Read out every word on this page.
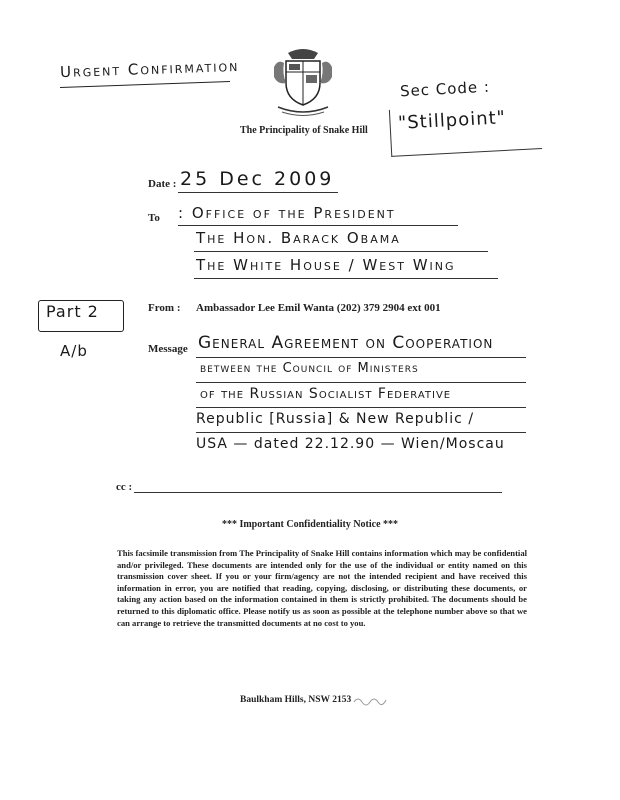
Urgent Confirmation
The Principality of Snake Hill
Sec Code :
"Stillpoint"
Date : 25 Dec 2009
To : Office of the President
The Hon. Barack Obama
The White House / West Wing
Part 2
A/b
From : Ambassador Lee Emil Wanta (202) 379 2904 ext 001
Message General Agreement on Cooperation
between the Council of Ministers
of the Russian Socialist Federative
Republic [Russia] & New Republic /
USA — dated 22.12.90 — Wien/Moscau
cc :
*** Important Confidentiality Notice ***
This facsimile transmission from The Principality of Snake Hill contains information which may be confidential and/or privileged. These documents are intended only for the use of the individual or entity named on this transmission cover sheet. If you or your firm/agency are not the intended recipient and have received this information in error, you are notified that reading, copying, disclosing, or distributing these documents, or taking any action based on the information contained in them is strictly prohibited. The documents should be returned to this diplomatic office. Please notify us as soon as possible at the telephone number above so that we can arrange to retrieve the transmitted documents at no cost to you.
Baulkham Hills, NSW 2153
